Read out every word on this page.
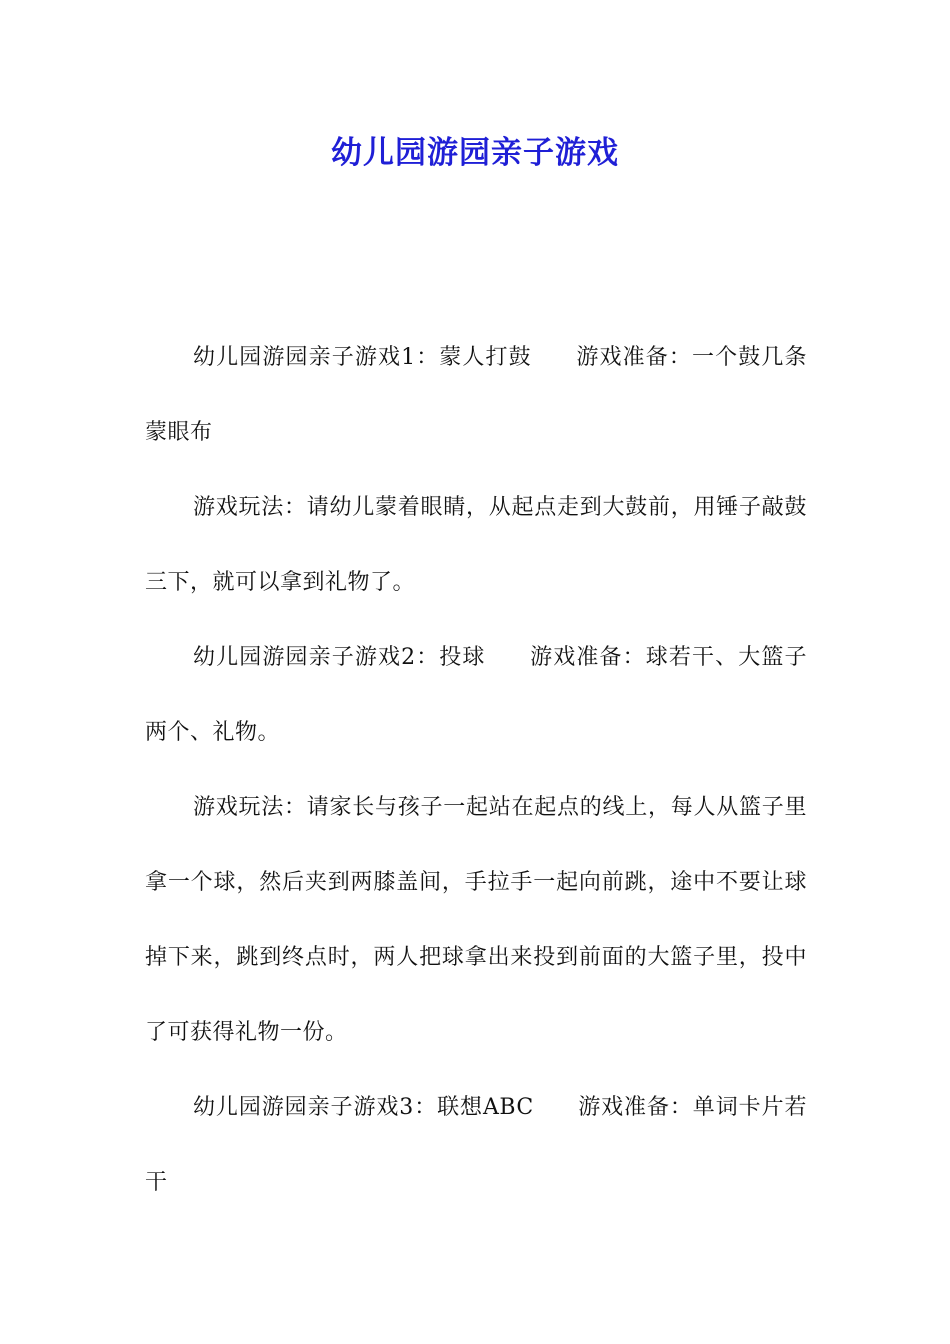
幼儿园游园亲子游戏

幼儿园游园亲子游戏1：蒙人打鼓 游戏准备：一个鼓几条蒙眼布

游戏玩法：请幼儿蒙着眼睛，从起点走到大鼓前，用锤子敲鼓三下，就可以拿到礼物了。

幼儿园游园亲子游戏2：投球 游戏准备：球若干、大篮子两个、礼物。

游戏玩法：请家长与孩子一起站在起点的线上，每人从篮子里拿一个球，然后夹到两膝盖间，手拉手一起向前跳，途中不要让球掉下来，跳到终点时，两人把球拿出来投到前面的大篮子里，投中了可获得礼物一份。

幼儿园游园亲子游戏3：联想ABC 游戏准备：单词卡片若干
